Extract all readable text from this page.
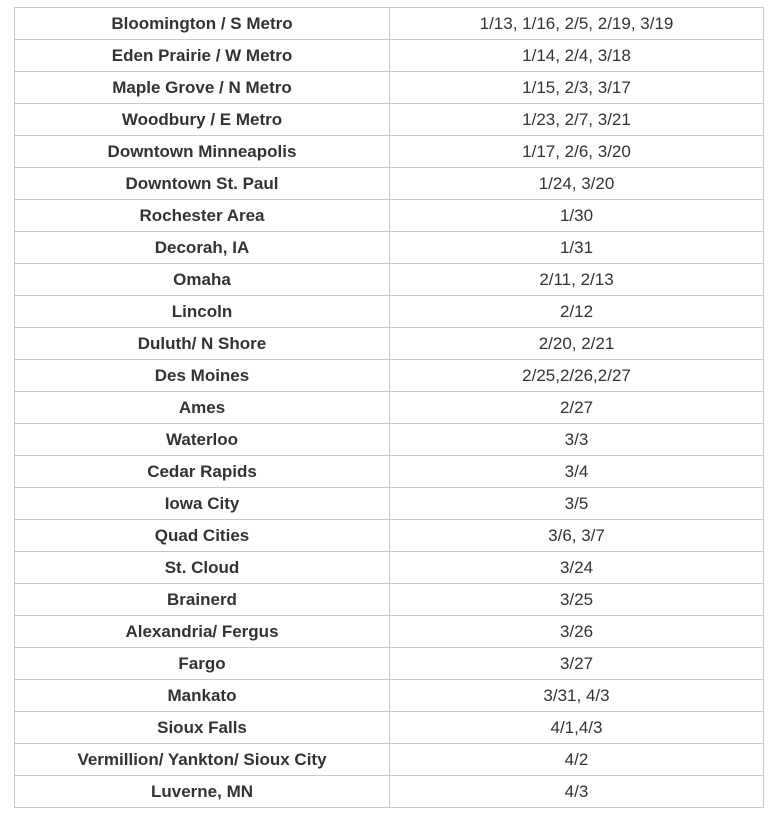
Bloomington / S Metro	1/13, 1/16, 2/5, 2/19, 3/19
Eden Prairie / W Metro	1/14, 2/4, 3/18
Maple Grove / N Metro	1/15, 2/3, 3/17
Woodbury / E Metro	1/23, 2/7, 3/21
Downtown Minneapolis	1/17, 2/6, 3/20
Downtown St. Paul	1/24, 3/20
Rochester Area	1/30
Decorah, IA	1/31
Omaha	2/11, 2/13
Lincoln	2/12
Duluth/ N Shore	2/20, 2/21
Des Moines	2/25,2/26,2/27
Ames	2/27
Waterloo	3/3
Cedar Rapids	3/4
Iowa City	3/5
Quad Cities	3/6, 3/7
St. Cloud	3/24
Brainerd	3/25
Alexandria/ Fergus	3/26
Fargo	3/27
Mankato	3/31, 4/3
Sioux Falls	4/1,4/3
Vermillion/ Yankton/ Sioux City	4/2
Luverne, MN	4/3
